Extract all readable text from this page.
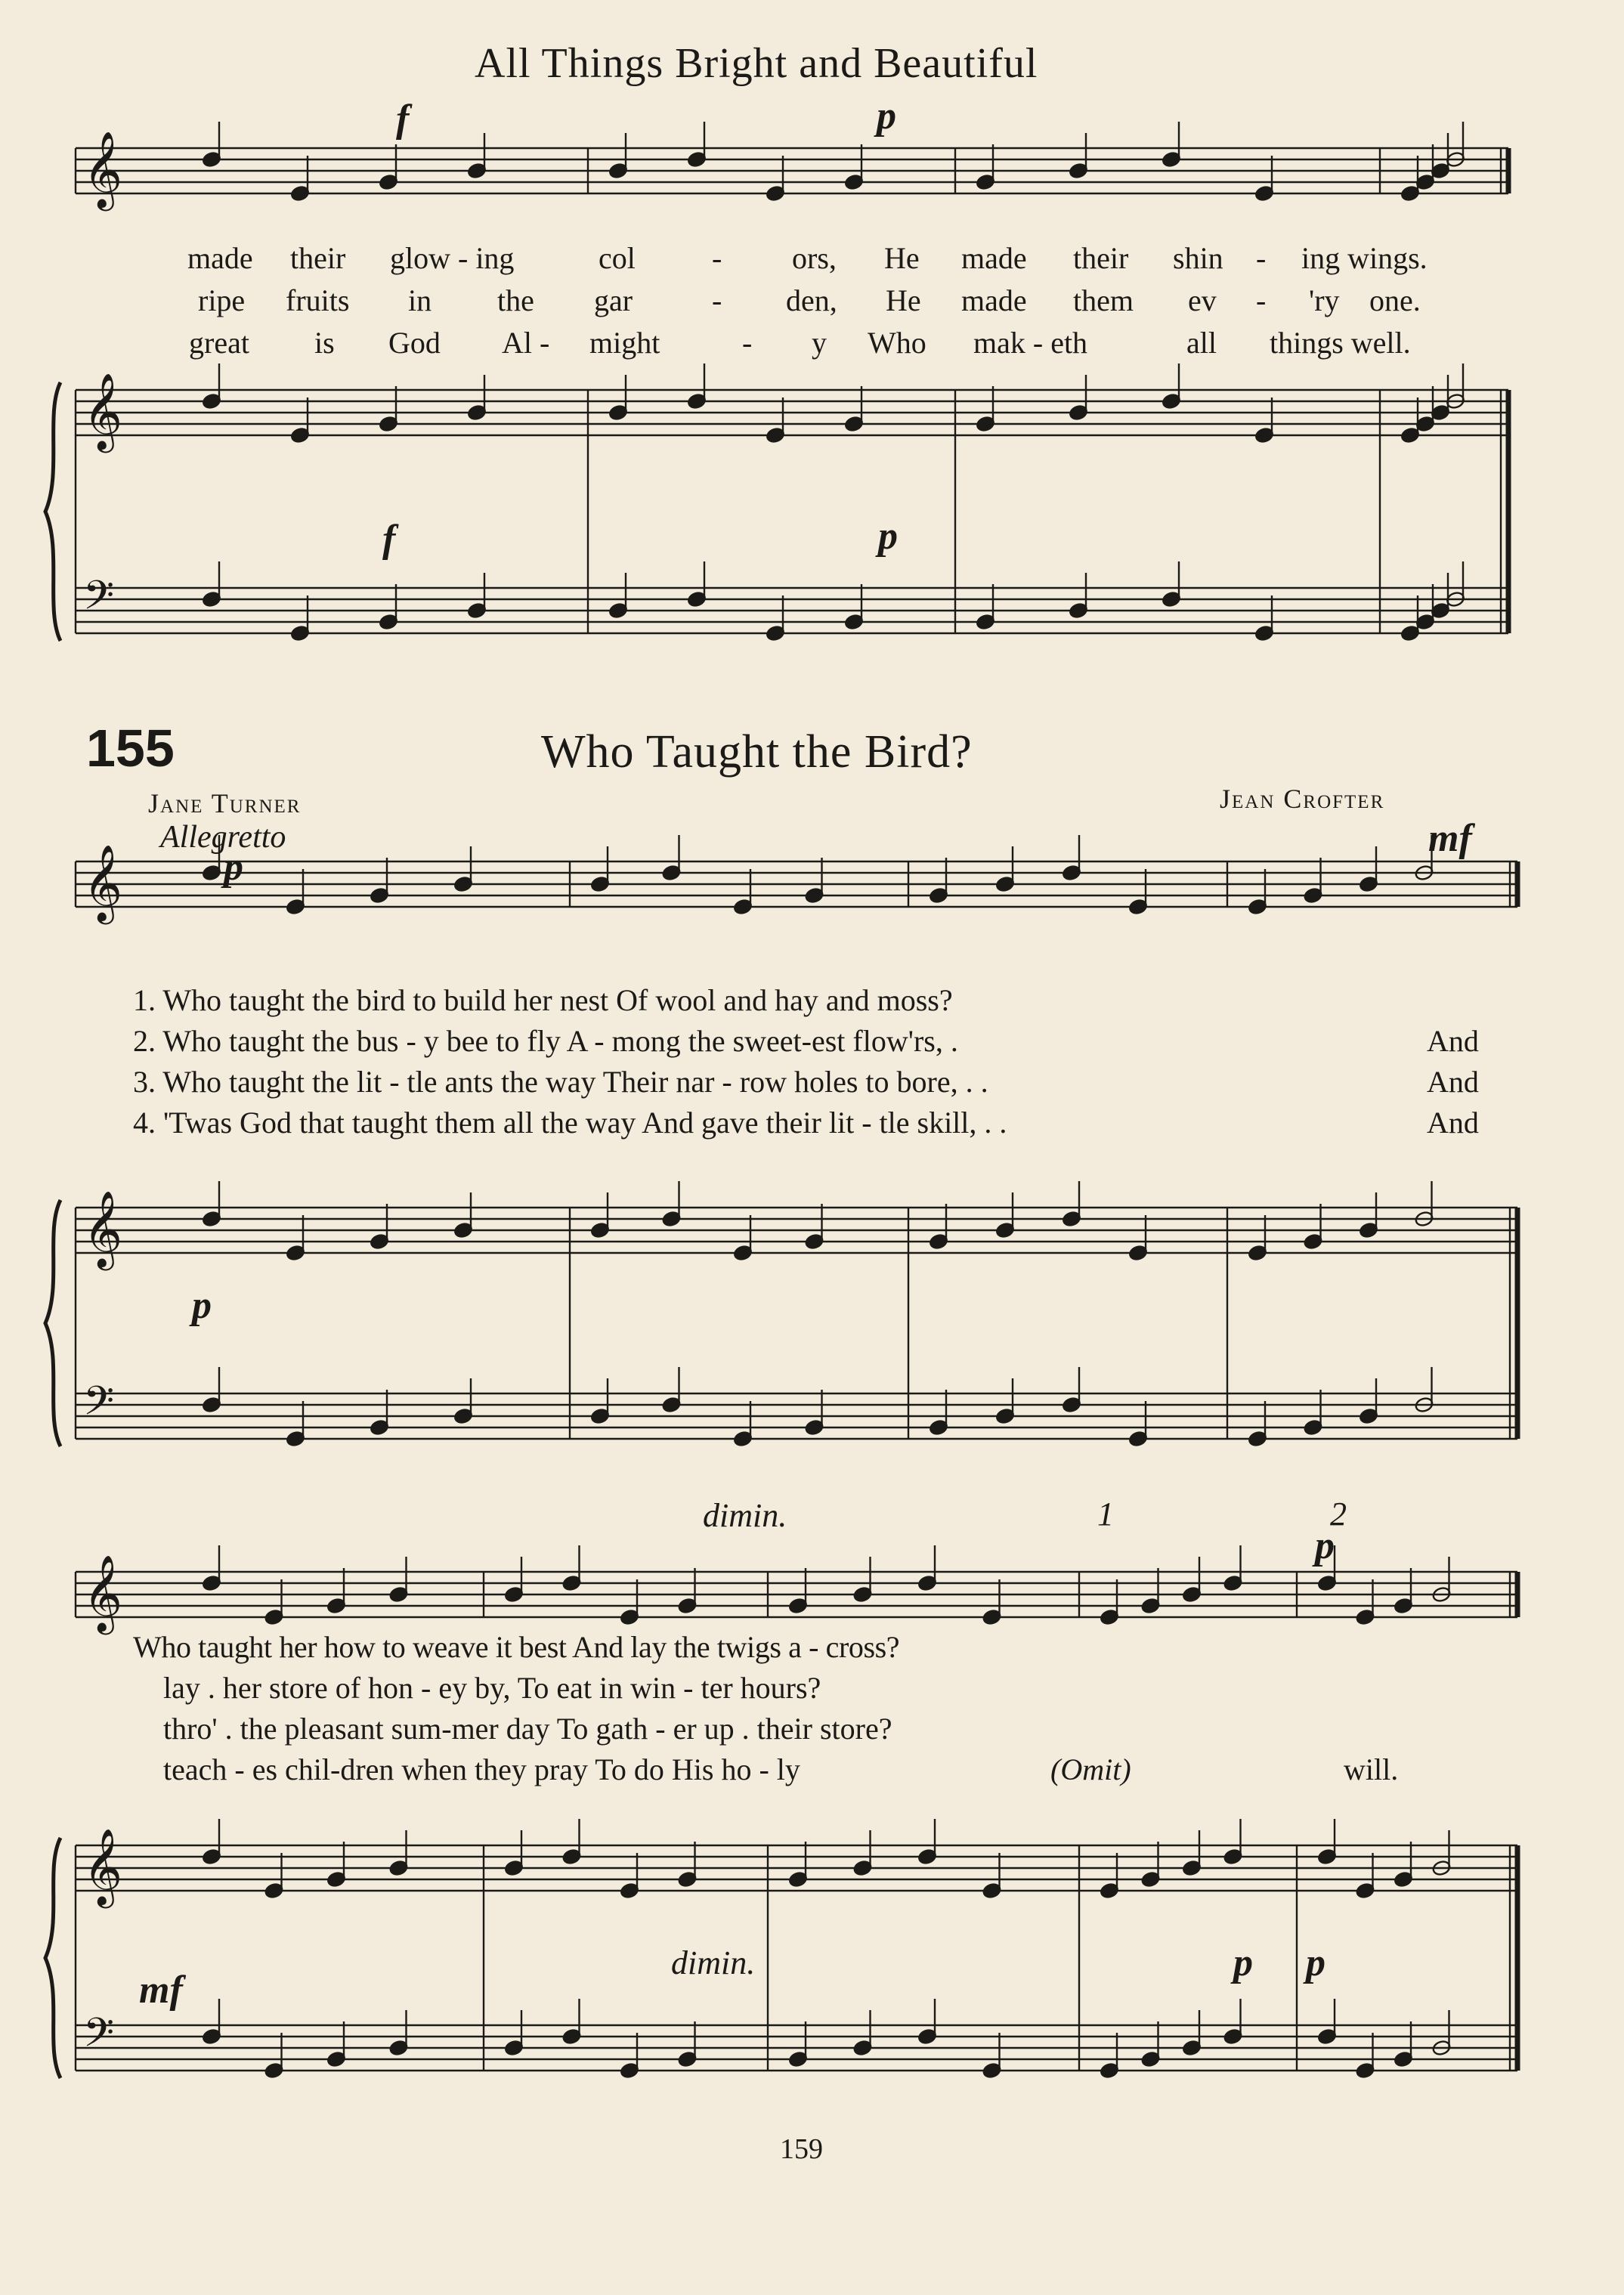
𝄞
𝄞
𝄢
𝄞
𝄞
𝄢
𝄞
𝄞
𝄢
All Things Bright and Beautiful
f	p
f	p
made their glow - ing	col	- ors, He made their shin - ing wings.
ripe fruits in the gar	- den, He made them ev - 'ry one.
great is God Al - might	- y Who mak - eth	all things well.
155	Who Taught the Bird?
Jane Turner	Jean Crofter
Allegretto
p
mf
p
1. Who taught the bird to build her nest Of wool and hay and moss?
2. Who taught the bus - y bee to fly A - mong the sweet-est flow'rs, .
3. Who taught the lit - tle ants the way Their nar - row holes to bore, . .
4. 'Twas God that taught them all the way And gave their lit - tle skill, . .
And
And
And
dimin.	1	2
p
Who taught her how to weave it best And lay the twigs a - cross?
lay . her store of hon - ey by, To eat in win - ter hours?
thro' . the pleasant sum-mer day To gath - er up . their store?
teach - es chil-dren when they pray To do His ho - ly	(Omit)	will.
dimin.
mf
p p
159
